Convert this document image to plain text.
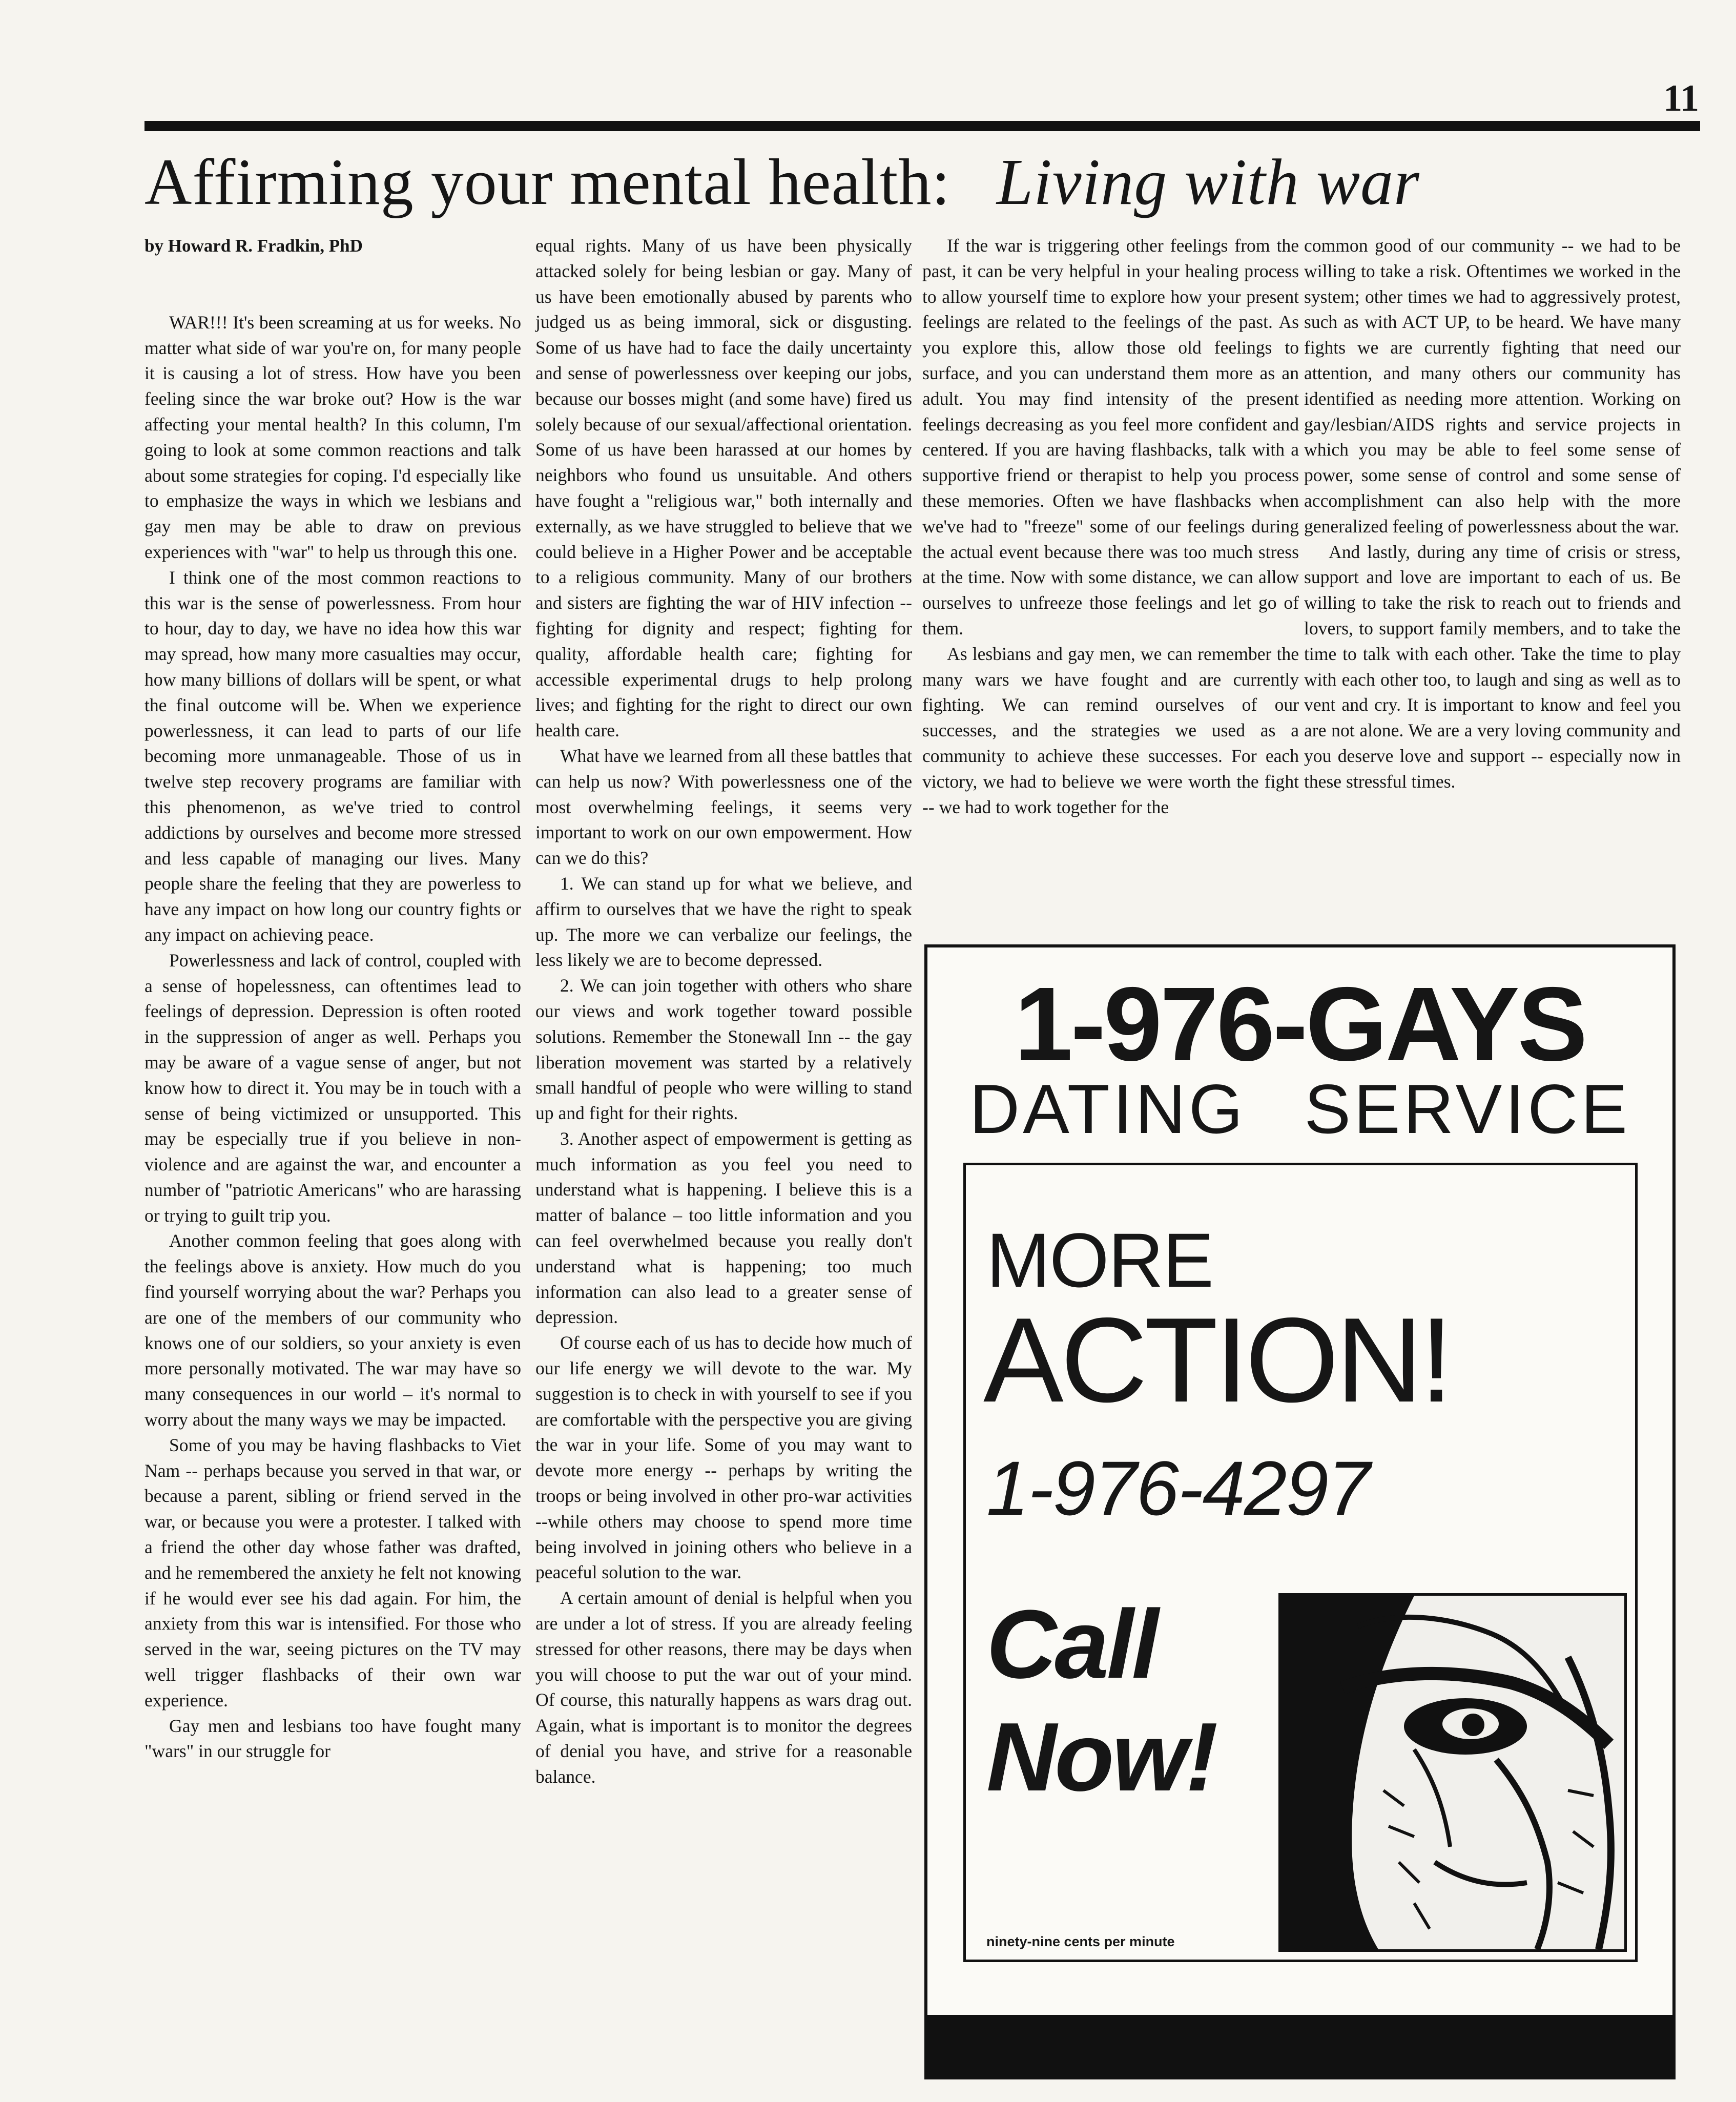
11
Affirming your mental health: Living with war

by Howard R. Fradkin, PhD

WAR!!! It's been screaming at us for weeks. No matter what side of war you're on, for many people it is causing a lot of stress. How have you been feeling since the war broke out? How is the war affecting your mental health? In this column, I'm going to look at some common reactions and talk about some strategies for coping. I'd especially like to emphasize the ways in which we lesbians and gay men may be able to draw on previous experiences with "war" to help us through this one.

I think one of the most common reactions to this war is the sense of powerlessness. From hour to hour, day to day, we have no idea how this war may spread, how many more casualties may occur, how many billions of dollars will be spent, or what the final outcome will be. When we experience powerlessness, it can lead to parts of our life becoming more unmanageable. Those of us in twelve step recovery programs are familiar with this phenomenon, as we've tried to control addictions by ourselves and become more stressed and less capable of managing our lives. Many people share the feeling that they are powerless to have any impact on how long our country fights or any impact on achieving peace.

Powerlessness and lack of control, coupled with a sense of hopelessness, can oftentimes lead to feelings of depression. Depression is often rooted in the suppression of anger as well. Perhaps you may be aware of a vague sense of anger, but not know how to direct it. You may be in touch with a sense of being victimized or unsupported. This may be especially true if you believe in non-violence and are against the war, and encounter a number of "patriotic Americans" who are harassing or trying to guilt trip you.

Another common feeling that goes along with the feelings above is anxiety. How much do you find yourself worrying about the war? Perhaps you are one of the members of our community who knows one of our soldiers, so your anxiety is even more personally motivated. The war may have so many consequences in our world – it's normal to worry about the many ways we may be impacted.

Some of you may be having flashbacks to Viet Nam -- perhaps because you served in that war, or because a parent, sibling or friend served in the war, or because you were a protester. I talked with a friend the other day whose father was drafted, and he remembered the anxiety he felt not knowing if he would ever see his dad again. For him, the anxiety from this war is intensified. For those who served in the war, seeing pictures on the TV may well trigger flashbacks of their own war experience.

Gay men and lesbians too have fought many "wars" in our struggle for

equal rights. Many of us have been physically attacked solely for being lesbian or gay. Many of us have been emotionally abused by parents who judged us as being immoral, sick or disgusting. Some of us have had to face the daily uncertainty and sense of powerlessness over keeping our jobs, because our bosses might (and some have) fired us solely because of our sexual/affectional orientation. Some of us have been harassed at our homes by neighbors who found us unsuitable. And others have fought a "religious war," both internally and externally, as we have struggled to believe that we could believe in a Higher Power and be acceptable to a religious community. Many of our brothers and sisters are fighting the war of HIV infection --fighting for dignity and respect; fighting for quality, affordable health care; fighting for accessible experimental drugs to help prolong lives; and fighting for the right to direct our own health care.

What have we learned from all these battles that can help us now? With powerlessness one of the most overwhelming feelings, it seems very important to work on our own empowerment. How can we do this?

1. We can stand up for what we believe, and affirm to ourselves that we have the right to speak up. The more we can verbalize our feelings, the less likely we are to become depressed.

2. We can join together with others who share our views and work together toward possible solutions. Remember the Stonewall Inn -- the gay liberation movement was started by a relatively small handful of people who were willing to stand up and fight for their rights.

3. Another aspect of empowerment is getting as much information as you feel you need to understand what is happening. I believe this is a matter of balance – too little information and you can feel overwhelmed because you really don't understand what is happening; too much information can also lead to a greater sense of depression.

Of course each of us has to decide how much of our life energy we will devote to the war. My suggestion is to check in with yourself to see if you are comfortable with the perspective you are giving the war in your life. Some of you may want to devote more energy -- perhaps by writing the troops or being involved in other pro-war activities --while others may choose to spend more time being involved in joining others who believe in a peaceful solution to the war.

A certain amount of denial is helpful when you are under a lot of stress. If you are already feeling stressed for other reasons, there may be days when you will choose to put the war out of your mind. Of course, this naturally happens as wars drag out. Again, what is important is to monitor the degrees of denial you have, and strive for a reasonable balance.

If the war is triggering other feelings from the past, it can be very helpful in your healing process to allow yourself time to explore how your present feelings are related to the feelings of the past. As you explore this, allow those old feelings to surface, and you can understand them more as an adult. You may find intensity of the present feelings decreasing as you feel more confident and centered. If you are having flashbacks, talk with a supportive friend or therapist to help you process these memories. Often we have flashbacks when we've had to "freeze" some of our feelings during the actual event because there was too much stress at the time. Now with some distance, we can allow ourselves to unfreeze those feelings and let go of them.

As lesbians and gay men, we can remember the many wars we have fought and are currently fighting. We can remind ourselves of our successes, and the strategies we used as a community to achieve these successes. For each victory, we had to believe we were worth the fight -- we had to work together for the

common good of our community -- we had to be willing to take a risk. Oftentimes we worked in the system; other times we had to aggressively protest, such as with ACT UP, to be heard. We have many fights we are currently fighting that need our attention, and many others our community has identified as needing more attention. Working on gay/lesbian/AIDS rights and service projects in which you may be able to feel some sense of power, some sense of control and some sense of accomplishment can also help with the more generalized feeling of powerlessness about the war.

And lastly, during any time of crisis or stress, support and love are important to each of us. Be willing to take the risk to reach out to friends and lovers, to support family members, and to take the time to talk with each other. Take the time to play with each other too, to laugh and sing as well as to vent and cry. It is important to know and feel you are not alone. We are a very loving community and you deserve love and support -- especially now in these stressful times.

1-976-GAYS
DATING SERVICE
MORE
ACTION!
1-976-4297
Call
Now!
ninety-nine cents per minute
